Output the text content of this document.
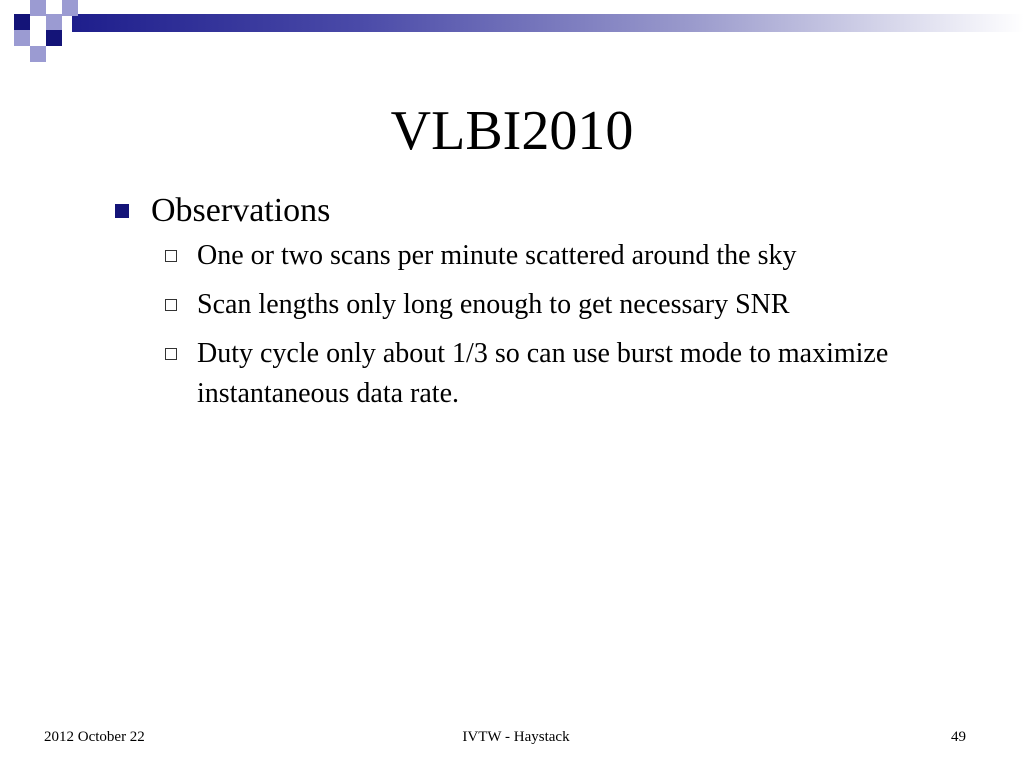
VLBI2010
Observations
One or two scans per minute scattered around the sky
Scan lengths only long enough to get necessary SNR
Duty cycle only about 1/3 so can use burst mode to maximize instantaneous data rate.
2012 October 22	IVTW - Haystack	49
